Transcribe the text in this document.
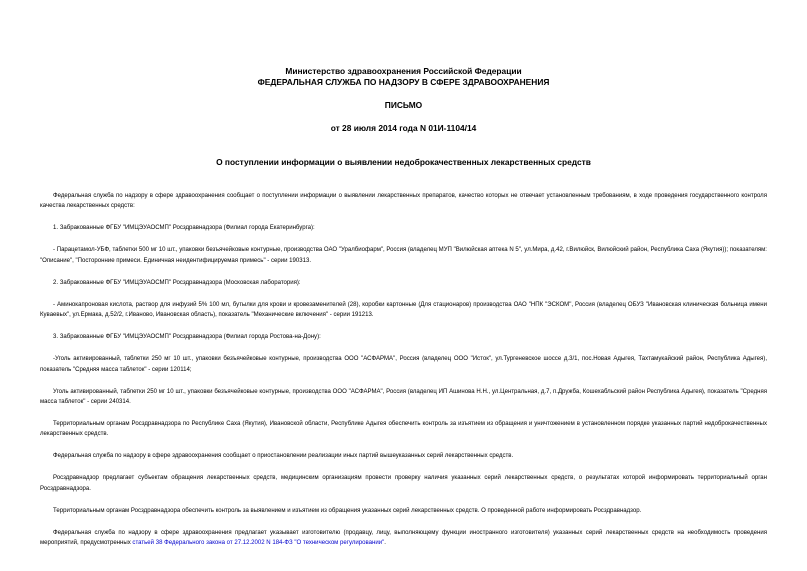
Министерство здравоохранения Российской Федерации
ФЕДЕРАЛЬНАЯ СЛУЖБА ПО НАДЗОРУ В СФЕРЕ ЗДРАВООХРАНЕНИЯ
ПИСЬМО
от 28 июля 2014 года N 01И-1104/14
О поступлении информации о выявлении недоброкачественных лекарственных средств

Федеральная служба по надзору в сфере здравоохранения сообщает о поступлении информации о выявлении лекарственных препаратов, качество которых не отвечает установленным требованиям, в ходе проведения государственного контроля качества лекарственных средств:

1. Забракованные ФГБУ "ИМЦЭУАОСМП" Росздравнадзора (Филиал города Екатеринбурга):

- Парацетамол-УБФ, таблетки 500 мг 10 шт., упаковки безъячейковые контурные, производства ОАО "Уралбиофарм", Россия (владелец МУП "Вилюйская аптека N 5", ул.Мира, д.42, г.Вилюйск, Вилюйский район, Республика Саха (Якутия)); показателям: "Описание", "Посторонние примеси. Единичная неидентифицируемая примесь" - серии 190313.

2. Забракованные ФГБУ "ИМЦЭУАОСМП" Росздравнадзора (Московская лаборатория):

- Аминокапроновая кислота, раствор для инфузий 5% 100 мл, бутылки для крови и кровезаменителей (28), коробки картонные (Для стационаров) производства ОАО "НПК "ЭСКОМ", Россия (владелец ОБУЗ "Ивановская клиническая больница имени Куваевых", ул.Ермака, д.52/2, г.Иваново, Ивановская область), показатель "Механические включения" - серии 191213.

3. Забракованные ФГБУ "ИМЦЭУАОСМП" Росздравнадзора (Филиал города Ростова-на-Дону):

-Уголь активированный, таблетки 250 мг 10 шт., упаковки безъячейковые контурные, производства ООО "АСФАРМА", Россия (владелец ООО "Исток", ул.Тургеневское шоссе д.3/1, пос.Новая Адыгея, Тахтамукайский район, Республика Адыгея), показатель "Средняя масса таблеток" - серии 120114;

Уголь активированный, таблетки 250 мг 10 шт., упаковки безъячейковые контурные, производства ООО "АСФАРМА", Россия (владелец ИП Ашинова Н.Н., ул.Центральная, д.7, п.Дружба, Кошехабльский район Республика Адыгея), показатель "Средняя масса таблеток" - серии 240314.

Территориальным органам Росздравнадзора по Республике Саха (Якутия), Ивановской области, Республике Адыгея обеспечить контроль за изъятием из обращения и уничтожением в установленном порядке указанных партий недоброкачественных лекарственных средств.

Федеральная служба по надзору в сфере здравоохранения сообщает о приостановлении реализации иных партий вышеуказанных серий лекарственных средств.

Росздравнадзор предлагает субъектам обращения лекарственных средств, медицинским организациям провести проверку наличия указанных серий лекарственных средств, о результатах которой информировать территориальный орган Росздравнадзора.

Территориальным органам Росздравнадзора обеспечить контроль за выявлением и изъятием из обращения указанных серий лекарственных средств. О проведенной работе информировать Росздравнадзор.

Федеральная служба по надзору в сфере здравоохранения предлагает указывает изготовителю (продавцу, лицу, выполняющему функции иностранного изготовителя) указанных серий лекарственных средств на необходимость проведения мероприятий, предусмотренных статьей 38 Федерального закона от 27.12.2002 N 184-ФЗ "О техническом регулировании".
